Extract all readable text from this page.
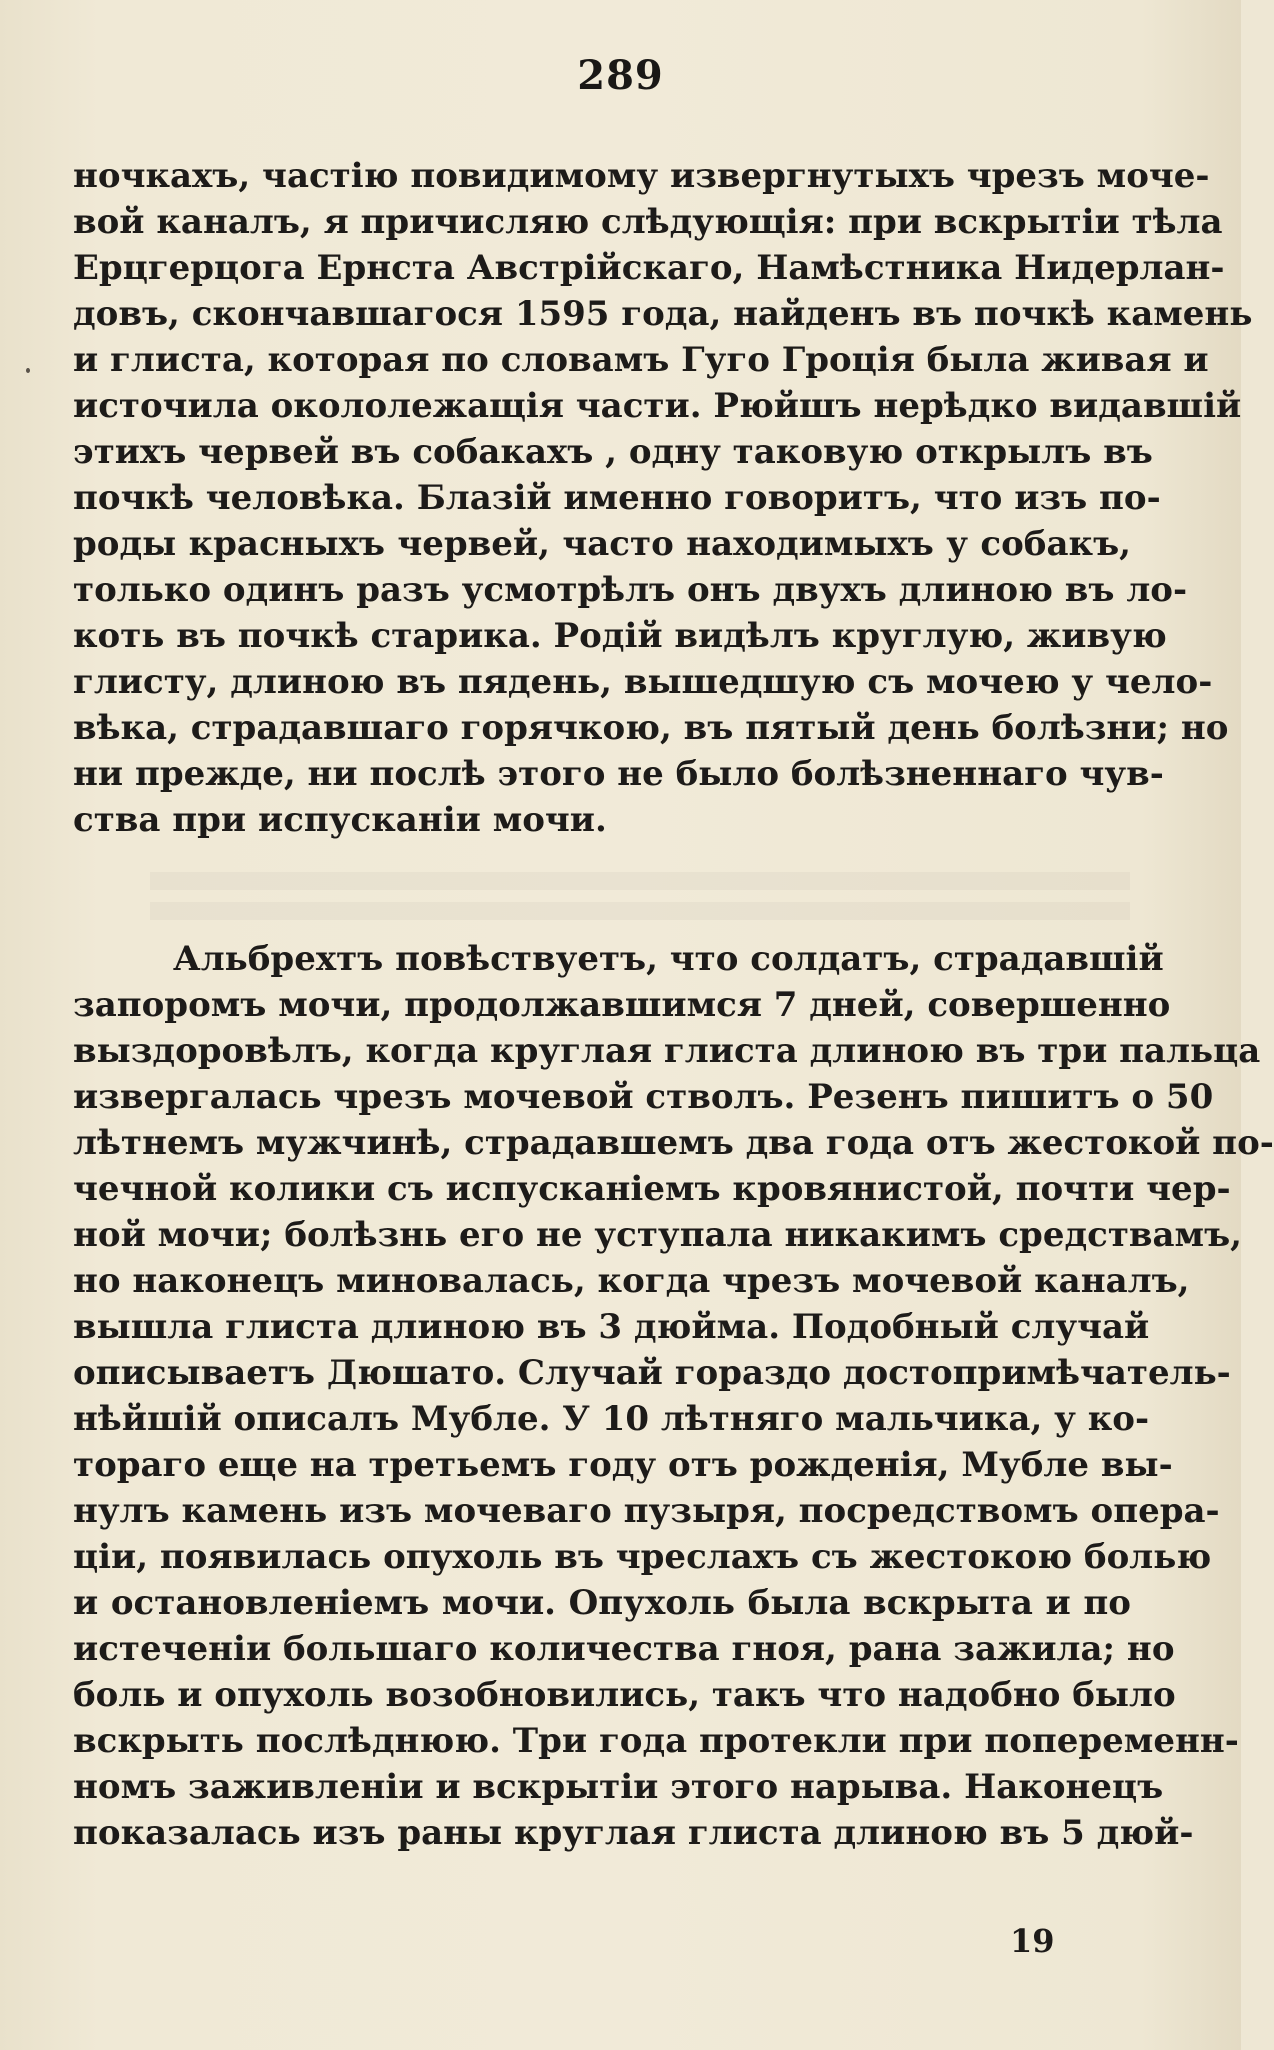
289
ночкахъ, частію повидимому извергнутыхъ чрезъ моче-
вой каналъ, я причисляю слѣдующія: при вскрытіи тѣла
Ерцгерцога Ернста Австрійскаго, Намѣстника Нидерлан-
довъ, скончавшагося 1595 года, найденъ въ почкѣ камень
и глиста, которая по словамъ Гуго Гроція была живая и
источила окололежащія части. Рюйшъ нерѣдко видавшій
этихъ червей въ собакахъ , одну таковую открылъ въ
почкѣ человѣка. Блазій именно говоритъ, что изъ по-
роды красныхъ червей, часто находимыхъ у собакъ,
только одинъ разъ усмотрѣлъ онъ двухъ длиною въ ло-
коть въ почкѣ старика. Родій видѣлъ круглую, живую
глисту, длиною въ пядень, вышедшую съ мочею у чело-
вѣка, страдавшаго горячкою, въ пятый день болѣзни; но
ни прежде, ни послѣ этого не было болѣзненнаго чув-
ства при испусканіи мочи.
Альбрехтъ повѣствуетъ, что солдатъ, страдавшій
запоромъ мочи, продолжавшимся 7 дней, совершенно
выздоровѣлъ, когда круглая глиста длиною въ три пальца
извергалась чрезъ мочевой стволъ. Резенъ пишитъ о 50
лѣтнемъ мужчинѣ, страдавшемъ два года отъ жестокой по-
чечной колики съ испусканіемъ кровянистой, почти чер-
ной мочи; болѣзнь его не уступала никакимъ средствамъ,
но наконецъ миновалась, когда чрезъ мочевой каналъ,
вышла глиста длиною въ 3 дюйма. Подобный случай
описываетъ Дюшато. Случай гораздо достопримѣчатель-
нѣйшій описалъ Мубле. У 10 лѣтняго мальчика, у ко-
тораго еще на третьемъ году отъ рожденія, Мубле вы-
нулъ камень изъ мочеваго пузыря, посредствомъ опера-
ціи, появилась опухоль въ чреслахъ съ жестокою болью
и остановленіемъ мочи. Опухоль была вскрыта и по
истеченіи большаго количества гноя, рана зажила; но
боль и опухоль возобновились, такъ что надобно было
вскрыть послѣднюю. Три года протекли при попеременн-
номъ заживленіи и вскрытіи этого нарыва. Наконецъ
показалась изъ раны круглая глиста длиною въ 5 дюй-
19
